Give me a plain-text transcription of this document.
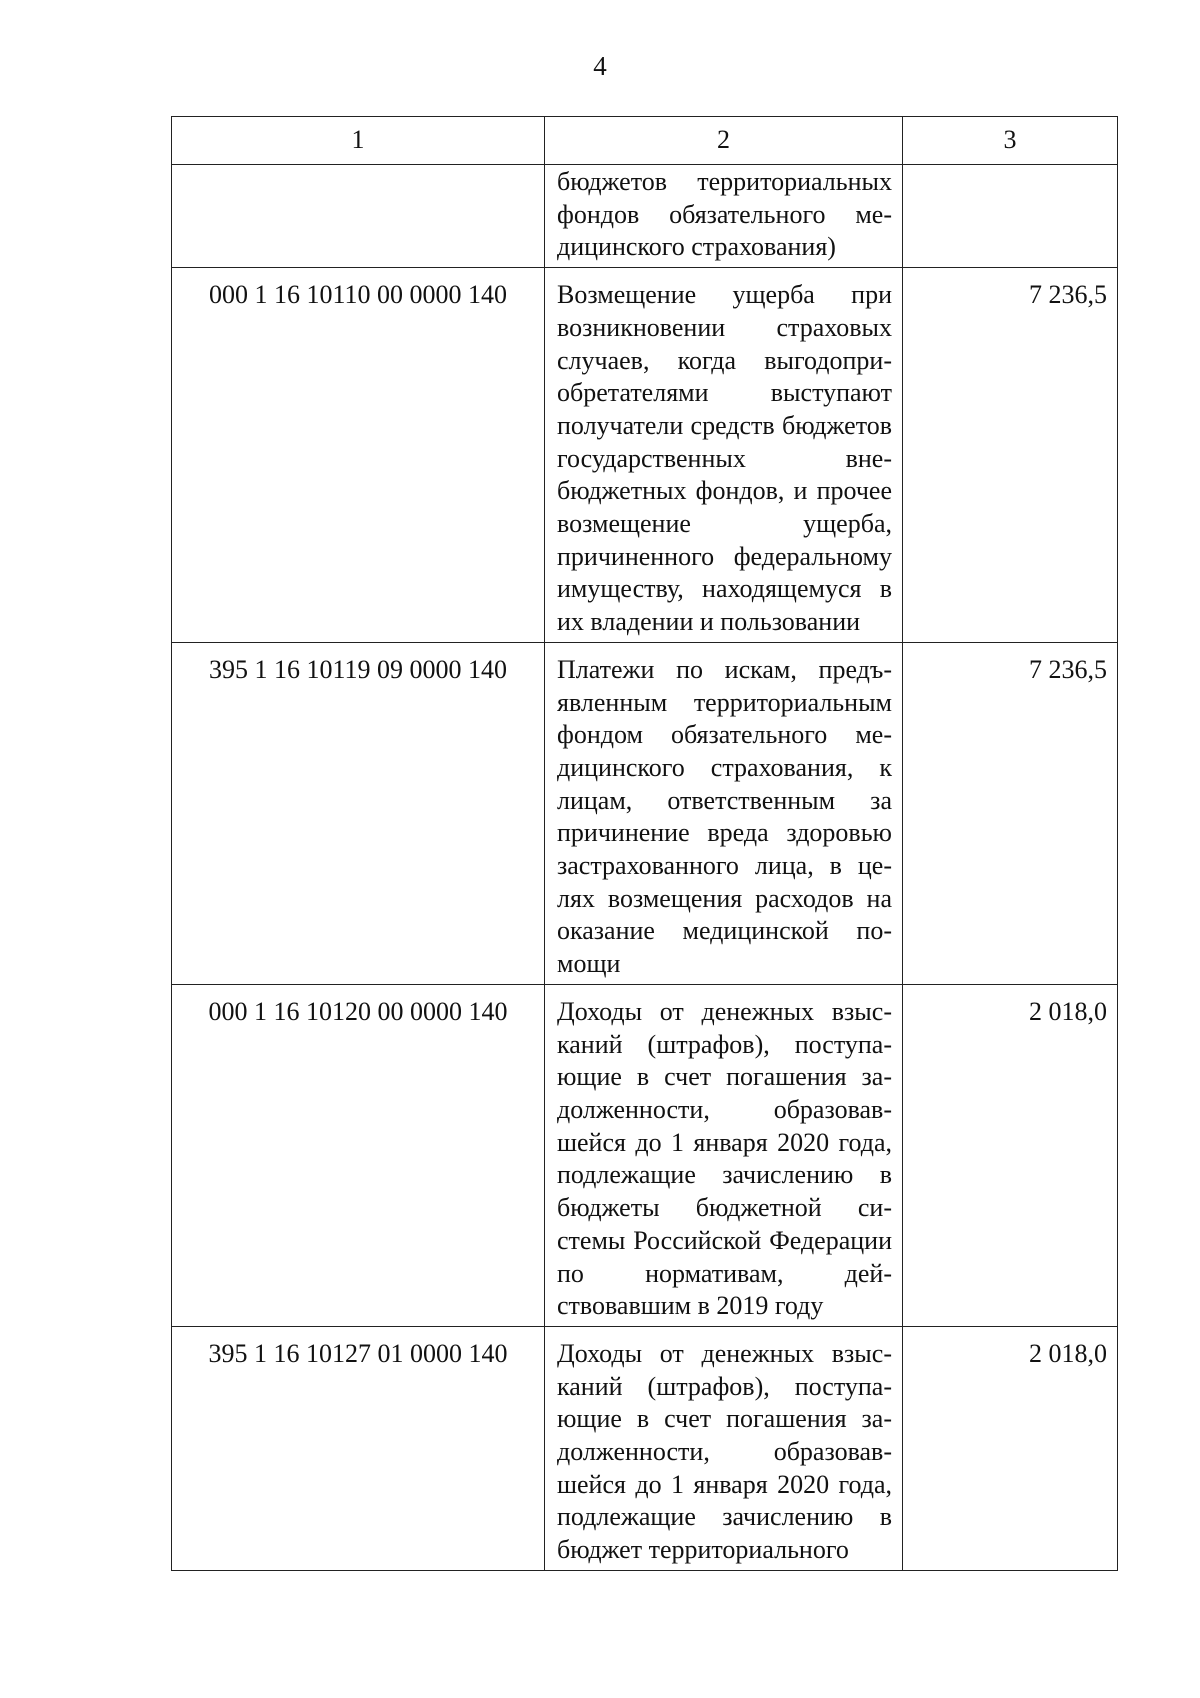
4
1	2	3
	бюджетов территориальных фондов обязательного медицинского страхования)	
000 1 16 10110 00 0000 140	Возмещение ущерба при возникновении страховых случаев, когда выгодоприобретателями выступают получатели средств бюджетов государственных внебюджетных фондов, и прочее возмещение ущерба, причиненного федеральному имуществу, находящемуся в их владении и пользовании	7 236,5
395 1 16 10119 09 0000 140	Платежи по искам, предъявленным территориальным фондом обязательного медицинского страхования, к лицам, ответственным за причинение вреда здоровью застрахованного лица, в целях возмещения расходов на оказание медицинской помощи	7 236,5
000 1 16 10120 00 0000 140	Доходы от денежных взысканий (штрафов), поступающие в счет погашения задолженности, образовавшейся до 1 января 2020 года, подлежащие зачислению в бюджеты бюджетной системы Российской Федерации по нормативам, действовавшим в 2019 году	2 018,0
395 1 16 10127 01 0000 140	Доходы от денежных взысканий (штрафов), поступающие в счет погашения задолженности, образовавшейся до 1 января 2020 года, подлежащие зачислению в бюджет территориального	2 018,0
